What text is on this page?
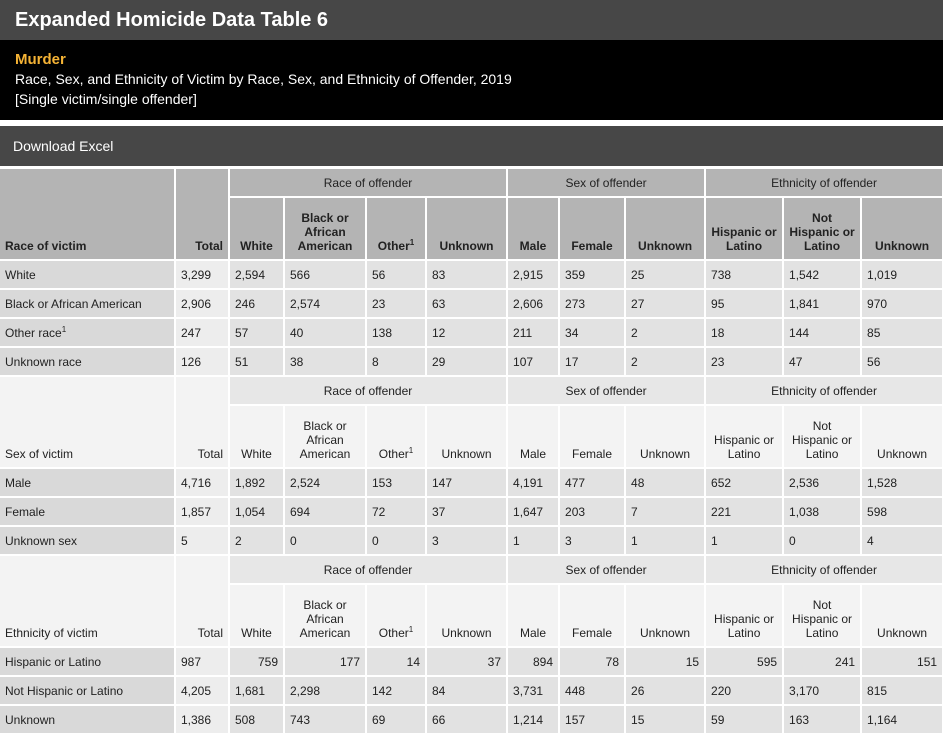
Expanded Homicide Data Table 6
Murder
Race, Sex, and Ethnicity of Victim by Race, Sex, and Ethnicity of Offender, 2019
[Single victim/single offender]
Download Excel
Race of victim	Total	Race of offender				Sex of offender			Ethnicity of offender		
		White	Black or African American	Other$^1$	Unknown	Male	Female	Unknown	Hispanic or Latino	Not Hispanic or Latino	Unknown
White	3,299	2,594	566	56	83	2,915	359	25	738	1,542	1,019
Black or African American	2,906	246	2,574	23	63	2,606	273	27	95	1,841	970
Other race$^1$	247	57	40	138	12	211	34	2	18	144	85
Unknown race	126	51	38	8	29	107	17	2	23	47	56
Sex of victim	Total	Race of offender				Sex of offender			Ethnicity of offender		
		White	Black or African American	Other$^1$	Unknown	Male	Female	Unknown	Hispanic or Latino	Not Hispanic or Latino	Unknown
Male	4,716	1,892	2,524	153	147	4,191	477	48	652	2,536	1,528
Female	1,857	1,054	694	72	37	1,647	203	7	221	1,038	598
Unknown sex	5	2	0	0	3	1	3	1	1	0	4
Ethnicity of victim	Total	Race of offender				Sex of offender			Ethnicity of offender		
		White	Black or African American	Other$^1$	Unknown	Male	Female	Unknown	Hispanic or Latino	Not Hispanic or Latino	Unknown
Hispanic or Latino	987	759	177	14	37	894	78	15	595	241	151
Not Hispanic or Latino	4,205	1,681	2,298	142	84	3,731	448	26	220	3,170	815
Unknown	1,386	508	743	69	66	1,214	157	15	59	163	1,164
